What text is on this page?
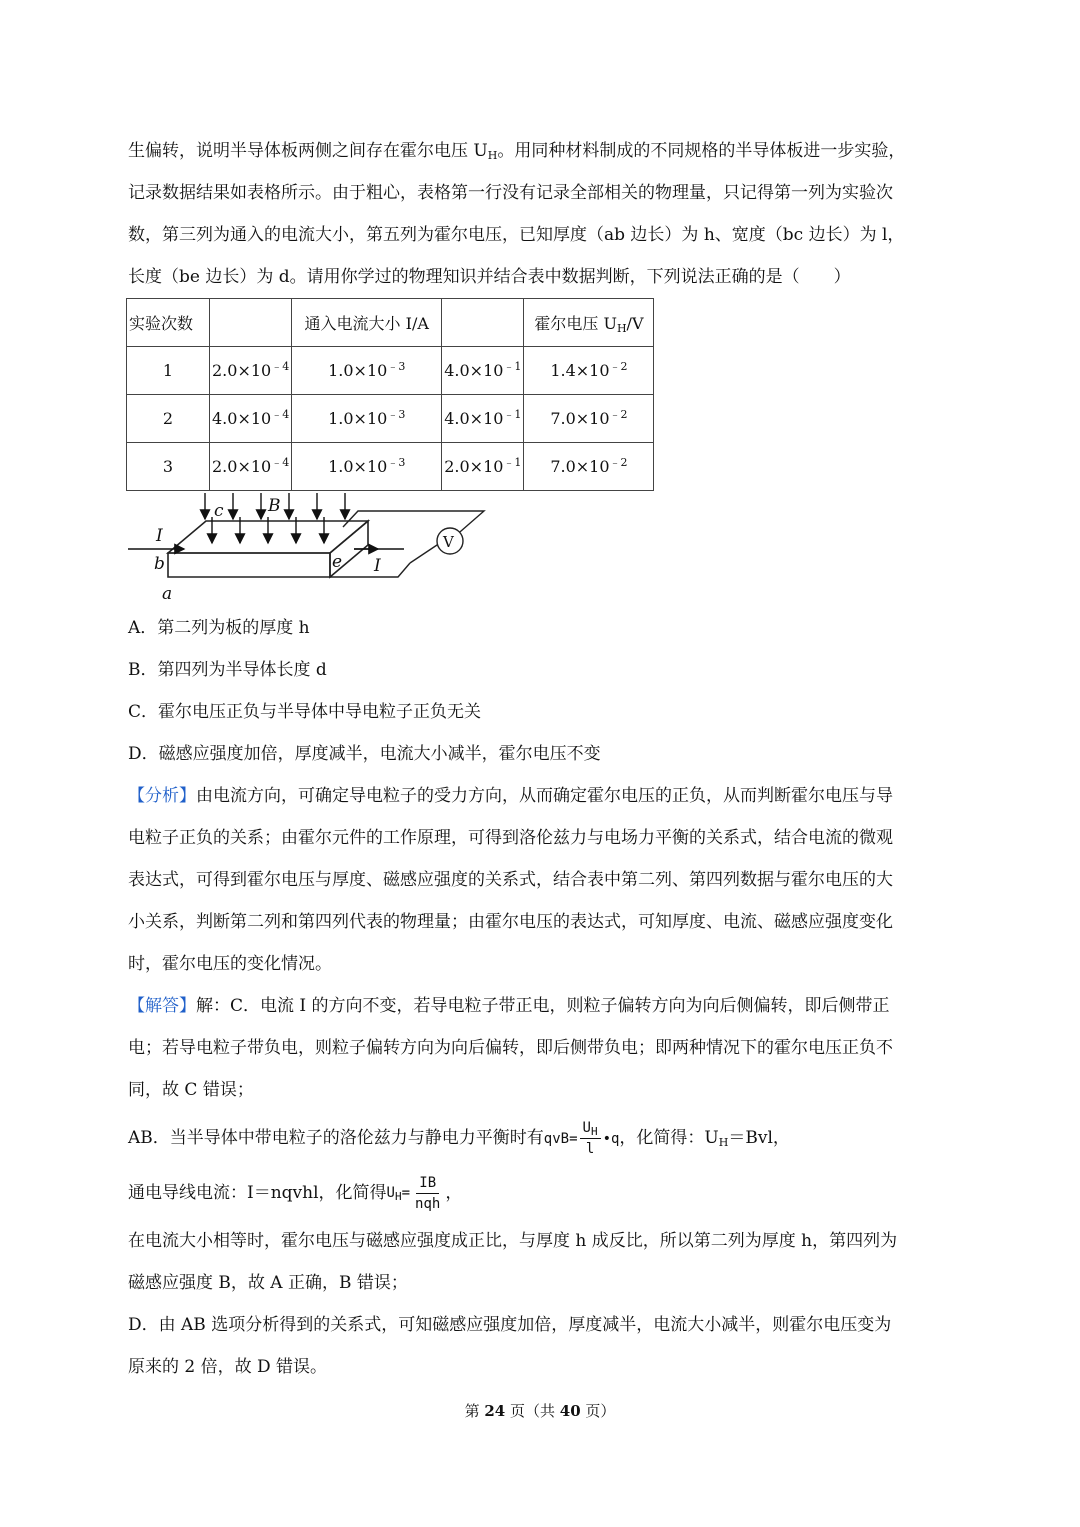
生偏转，说明半导体板两侧之间存在霍尔电压 $U_H$。用同种材料制成的不同规格的半导体板进一步实验，

记录数据结果如表格所示。由于粗心，表格第一行没有记录全部相关的物理量，只记得第一列为实验次

数，第三列为通入的电流大小，第五列为霍尔电压，已知厚度（ab 边长）为 h、宽度（bc 边长）为 l，

长度（be 边长）为 d。请用你学过的物理知识并结合表中数据判断，下列说法正确的是（　　）

实验次数		通入电流大小 I/A		霍尔电压 $U_H/V$
1	$2.0\times 10^{﹣4}$	$1.0\times 10^{﹣3}$	$4.0\times 10^{﹣1}$	$1.4\times 10^{﹣2}$
2	$4.0\times 10^{﹣4}$	$1.0\times 10^{﹣3}$	$4.0\times 10^{﹣1}$	$7.0\times 10^{﹣2}$
3	$2.0\times 10^{﹣4}$	$1.0\times 10^{﹣3}$	$2.0\times 10^{﹣1}$	$7.0\times 10^{﹣2}$
V
I
c	B
b
a
e I

A．第二列为板的厚度 h

B．第四列为半导体长度 d

C．霍尔电压正负与半导体中导电粒子正负无关

D．磁感应强度加倍，厚度减半，电流大小减半，霍尔电压不变

【分析】由电流方向，可确定导电粒子的受力方向，从而确定霍尔电压的正负，从而判断霍尔电压与导

电粒子正负的关系；由霍尔元件的工作原理，可得到洛伦兹力与电场力平衡的关系式，结合电流的微观

表达式，可得到霍尔电压与厚度、磁感应强度的关系式，结合表中第二列、第四列数据与霍尔电压的大

小关系，判断第二列和第四列代表的物理量；由霍尔电压的表达式，可知厚度、电流、磁感应强度变化

时，霍尔电压的变化情况。

【解答】解：C．电流 I 的方向不变，若导电粒子带正电，则粒子偏转方向为向后侧偏转，即后侧带正

电；若导电粒子带负电，则粒子偏转方向为向后偏转，即后侧带负电；即两种情况下的霍尔电压正负不

同，故 C 错误；

AB．当半导体中带电粒子的洛伦兹力与静电力平衡时有$qvB= \frac{U_H}{l}$ •q，化简得：$U_H=Bvl$，

通电导线电流：I＝nqvhl，化简得$U_H= \frac{IB}{\text{nqh}}$ ，

在电流大小相等时，霍尔电压与磁感应强度成正比，与厚度 h 成反比，所以第二列为厚度 h，第四列为

磁感应强度 B，故 A 正确，B 错误；

D．由 AB 选项分析得到的关系式，可知磁感应强度加倍，厚度减半，电流大小减半，则霍尔电压变为

原来的 2 倍，故 D 错误。

第 24 页（共 40 页）
